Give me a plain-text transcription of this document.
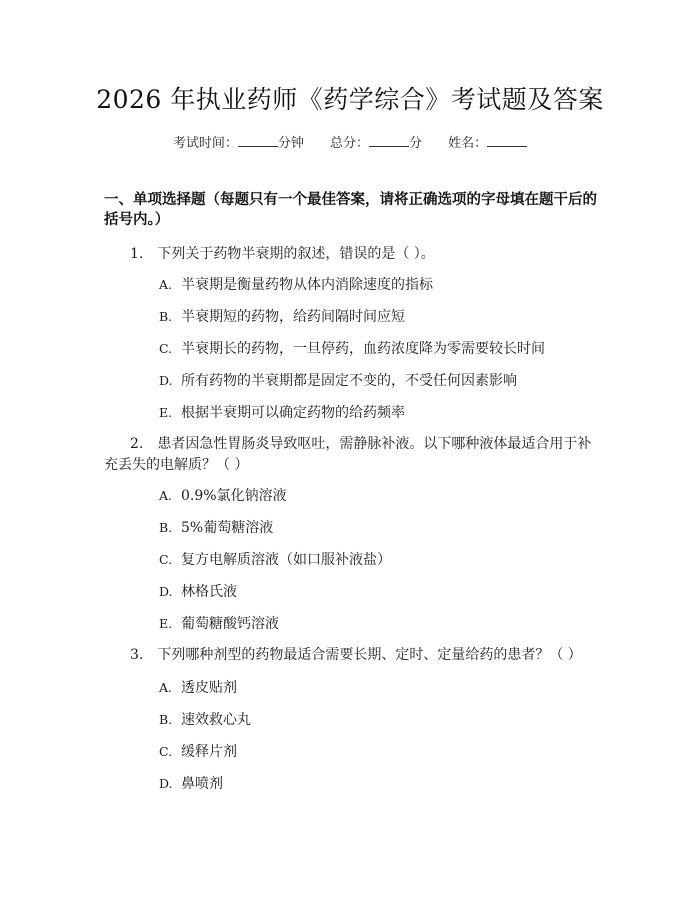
2026 年执业药师《药学综合》考试题及答案
考试时间：	分钟 总分：	分 姓名：
一、单项选择题（每题只有一个最佳答案，请将正确选项的字母填在题干后的括号内。）
1. 下列关于药物半衰期的叙述，错误的是（ ）。
A. 半衰期是衡量药物从体内消除速度的指标
B. 半衰期短的药物，给药间隔时间应短
C. 半衰期长的药物，一旦停药，血药浓度降为零需要较长时间
D. 所有药物的半衰期都是固定不变的，不受任何因素影响
E. 根据半衰期可以确定药物的给药频率
2. 患者因急性胃肠炎导致呕吐，需静脉补液。以下哪种液体最适合用于补充丢失的电解质？（ ）
A. 0.9%氯化钠溶液
B. 5%葡萄糖溶液
C. 复方电解质溶液（如口服补液盐）
D. 林格氏液
E. 葡萄糖酸钙溶液
3. 下列哪种剂型的药物最适合需要长期、定时、定量给药的患者？（ ）
A. 透皮贴剂
B. 速效救心丸
C. 缓释片剂
D. 鼻喷剂
